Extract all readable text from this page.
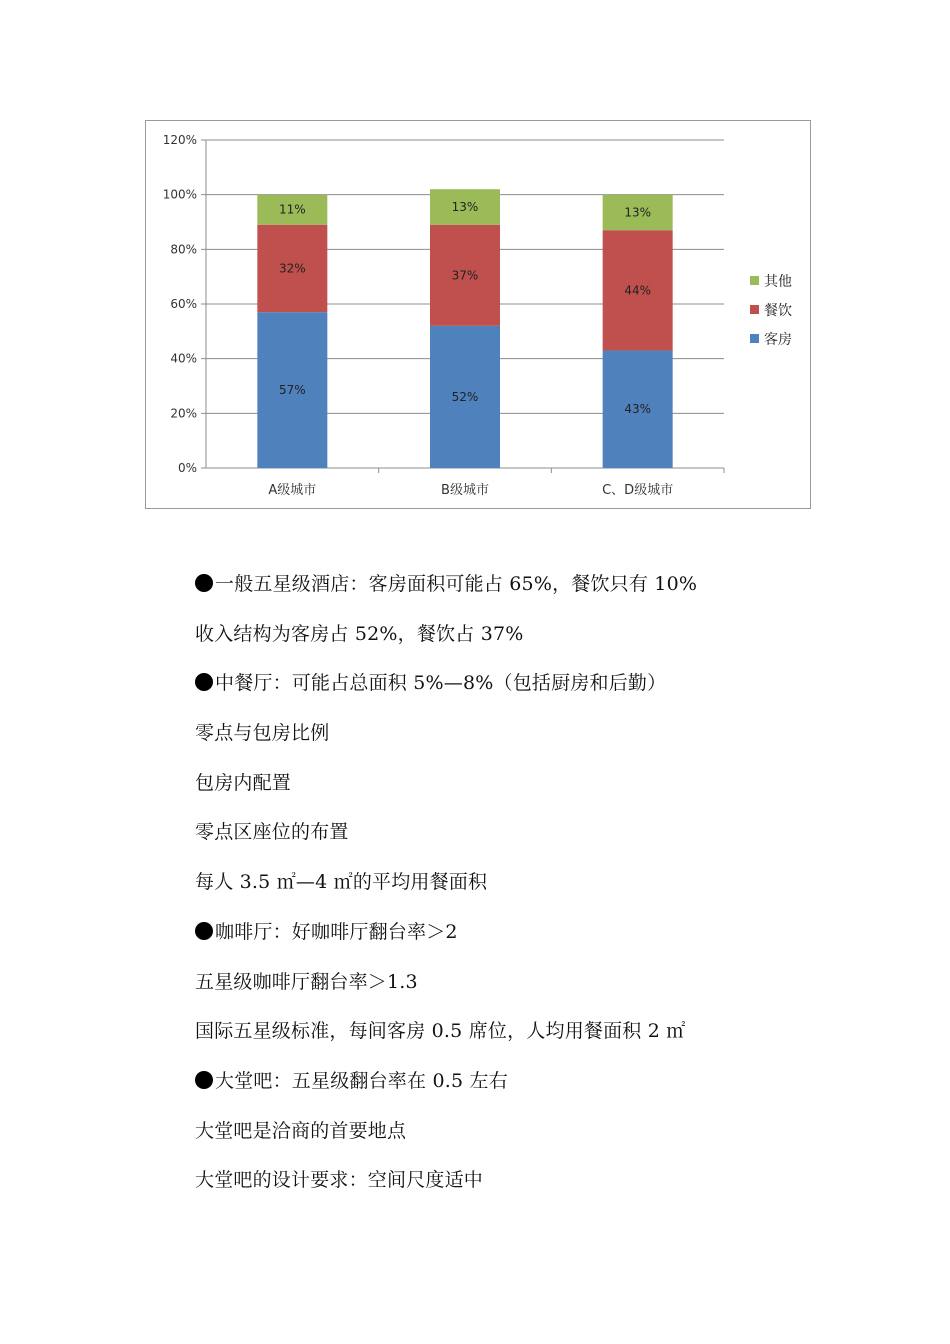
0%
20%
40%
60%
80%
100%
120%
57%
32%
11%
A级城市
52%
37%
13%
B级城市
43%
44%
13%
C、D级城市
其他
餐饮
客房
一般五星级酒店：客房面积可能占 65%，餐饮只有 10%
收入结构为客房占 52%，餐饮占 37%
中餐厅：可能占总面积 5%—8%（包括厨房和后勤）
零点与包房比例
包房内配置
零点区座位的布置
每人 3.5 ㎡—4 ㎡的平均用餐面积
咖啡厅：好咖啡厅翻台率＞2
五星级咖啡厅翻台率＞1.3
国际五星级标准，每间客房 0.5 席位，人均用餐面积 2 ㎡
大堂吧：五星级翻台率在 0.5 左右
大堂吧是洽商的首要地点
大堂吧的设计要求：空间尺度适中
